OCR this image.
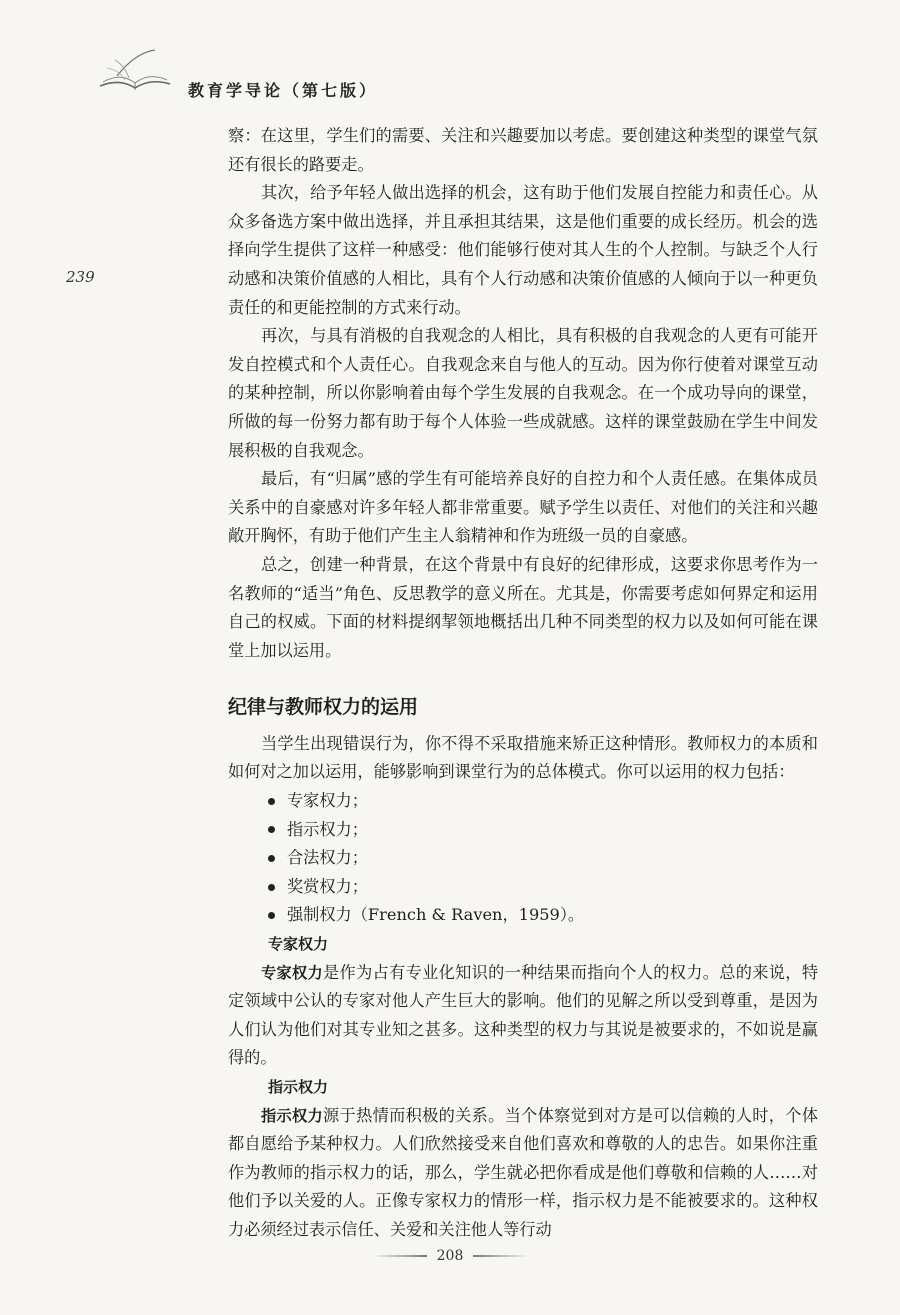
教育学导论（第七版）
239

察：在这里，学生们的需要、关注和兴趣要加以考虑。要创建这种类型的课堂气氛还有很长的路要走。

其次，给予年轻人做出选择的机会，这有助于他们发展自控能力和责任心。从众多备选方案中做出选择，并且承担其结果，这是他们重要的成长经历。机会的选择向学生提供了这样一种感受：他们能够行使对其人生的个人控制。与缺乏个人行动感和决策价值感的人相比，具有个人行动感和决策价值感的人倾向于以一种更负责任的和更能控制的方式来行动。

再次，与具有消极的自我观念的人相比，具有积极的自我观念的人更有可能开发自控模式和个人责任心。自我观念来自与他人的互动。因为你行使着对课堂互动的某种控制，所以你影响着由每个学生发展的自我观念。在一个成功导向的课堂，所做的每一份努力都有助于每个人体验一些成就感。这样的课堂鼓励在学生中间发展积极的自我观念。

最后，有“归属”感的学生有可能培养良好的自控力和个人责任感。在集体成员关系中的自豪感对许多年轻人都非常重要。赋予学生以责任、对他们的关注和兴趣敞开胸怀，有助于他们产生主人翁精神和作为班级一员的自豪感。

总之，创建一种背景，在这个背景中有良好的纪律形成，这要求你思考作为一名教师的“适当”角色、反思教学的意义所在。尤其是，你需要考虑如何界定和运用自己的权威。下面的材料提纲挈领地概括出几种不同类型的权力以及如何可能在课堂上加以运用。

纪律与教师权力的运用

当学生出现错误行为，你不得不采取措施来矫正这种情形。教师权力的本质和如何对之加以运用，能够影响到课堂行为的总体模式。你可以运用的权力包括：

专家权力；
指示权力；
合法权力；
奖赏权力；
强制权力（French & Raven，1959）。
专家权力

专家权力是作为占有专业化知识的一种结果而指向个人的权力。总的来说，特定领域中公认的专家对他人产生巨大的影响。他们的见解之所以受到尊重，是因为人们认为他们对其专业知之甚多。这种类型的权力与其说是被要求的，不如说是赢得的。

指示权力

指示权力源于热情而积极的关系。当个体察觉到对方是可以信赖的人时，个体都自愿给予某种权力。人们欣然接受来自他们喜欢和尊敬的人的忠告。如果你注重作为教师的指示权力的话，那么，学生就必把你看成是他们尊敬和信赖的人……对他们予以关爱的人。正像专家权力的情形一样，指示权力是不能被要求的。这种权力必须经过表示信任、关爱和关注他人等行动

208
